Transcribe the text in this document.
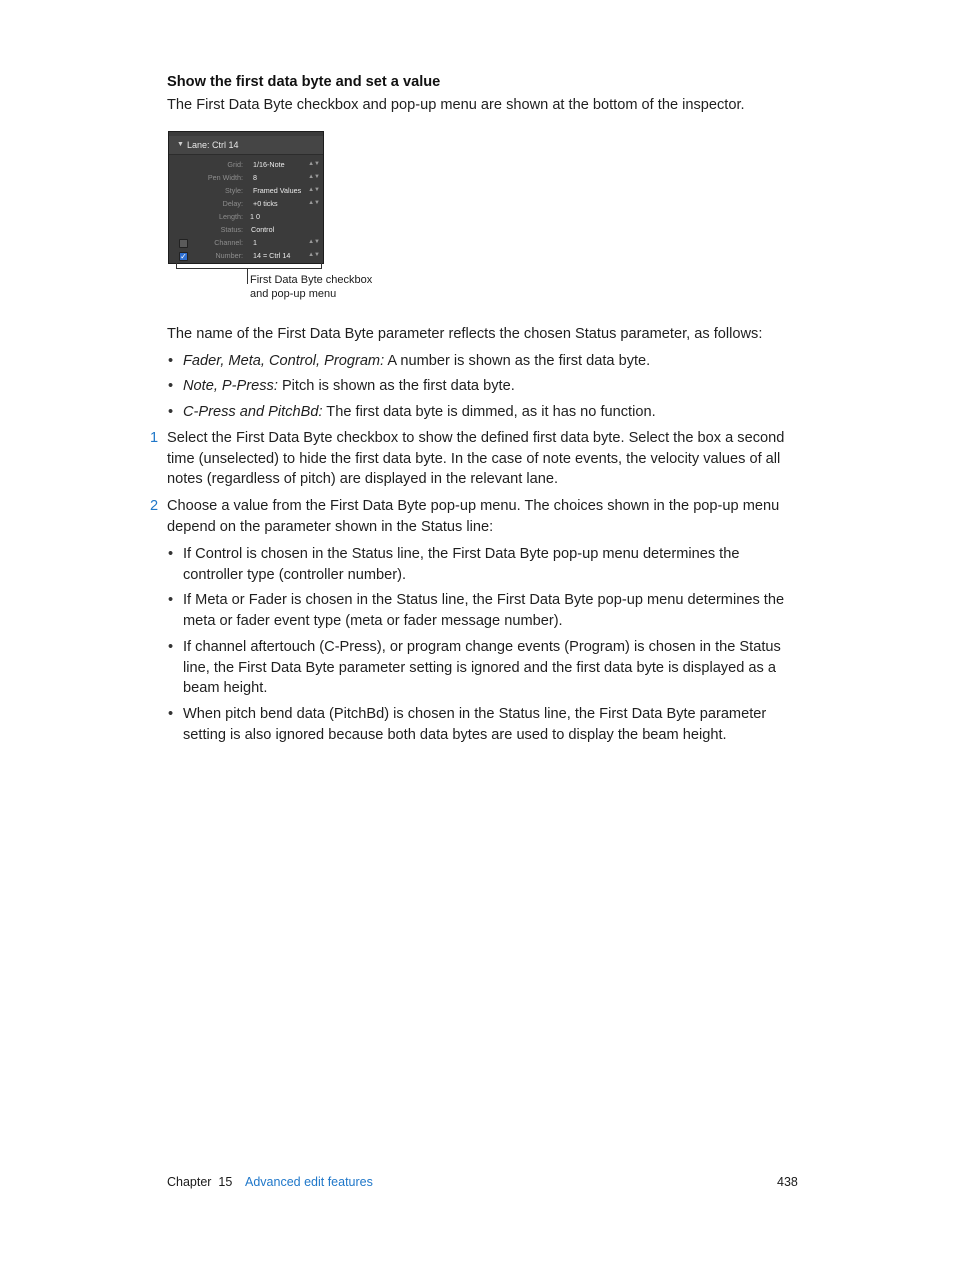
Show the first data byte and set a value
The First Data Byte checkbox and pop-up menu are shown at the bottom of the inspector.
▼ Lane: Ctrl 14
Grid: 1/16-Note	▲▼
Pen Width: 8	▲▼
Style: Framed Values ▲▼
Delay: +0 ticks	▲▼
Length: 1 0
Status: Control
Channel: 1	▲▼
✓	Number: 14 = Ctrl 14	▲▼
First Data Byte checkbox
and pop-up menu
The name of the First Data Byte parameter reflects the chosen Status parameter, as follows:
• Fader, Meta, Control, Program: A number is shown as the first data byte.
• Note, P-Press: Pitch is shown as the first data byte.
• C-Press and PitchBd: The first data byte is dimmed, as it has no function.
1 Select the First Data Byte checkbox to show the defined first data byte. Select the box a second
time (unselected) to hide the first data byte. In the case of note events, the velocity values of all
notes (regardless of pitch) are displayed in the relevant lane.
2 Choose a value from the First Data Byte pop-up menu. The choices shown in the pop-up menu
depend on the parameter shown in the Status line:
• If Control is chosen in the Status line, the First Data Byte pop-up menu determines the
controller type (controller number).
• If Meta or Fader is chosen in the Status line, the First Data Byte pop-up menu determines the
meta or fader event type (meta or fader message number).
• If channel aftertouch (C-Press), or program change events (Program) is chosen in the Status
line, the First Data Byte parameter setting is ignored and the first data byte is displayed as a
beam height.
• When pitch bend data (PitchBd) is chosen in the Status line, the First Data Byte parameter
setting is also ignored because both data bytes are used to display the beam height.
Chapter  15 Advanced edit features	438
